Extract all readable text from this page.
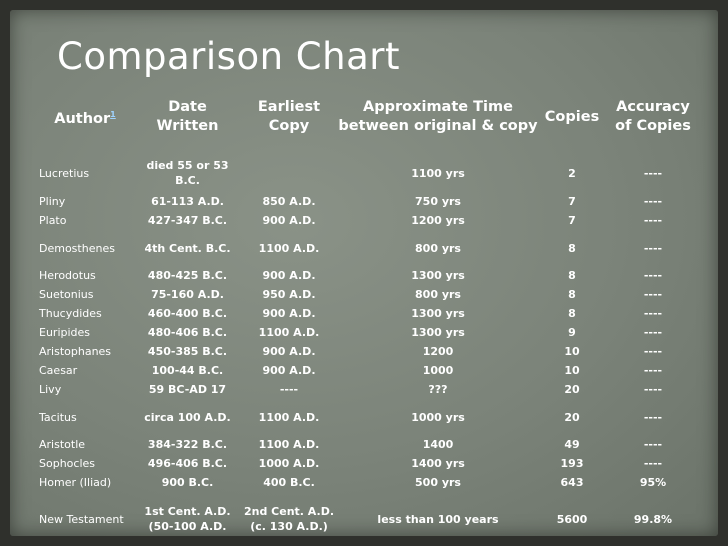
Comparison Chart
Author$^1$	Date Written	Earliest Copy	Approximate Time between original & copy	Copies	Accuracy of Copies
Lucretius	died 55 or 53 B.C.		1100 yrs	2	----
Pliny	61-113 A.D.	850 A.D.	750 yrs	7	----
Plato	427-347 B.C.	900 A.D.	1200 yrs	7	----
Demosthenes	4th Cent. B.C.	1100 A.D.	800 yrs	8	----
Herodotus	480-425 B.C.	900 A.D.	1300 yrs	8	----
Suetonius	75-160 A.D.	950 A.D.	800 yrs	8	----
Thucydides	460-400 B.C.	900 A.D.	1300 yrs	8	----
Euripides	480-406 B.C.	1100 A.D.	1300 yrs	9	----
Aristophanes	450-385 B.C.	900 A.D.	1200	10	----
Caesar	100-44 B.C.	900 A.D.	1000	10	----
Livy	59 BC-AD 17	----	???	20	----
Tacitus	circa 100 A.D.	1100 A.D.	1000 yrs	20	----
Aristotle	384-322 B.C.	1100 A.D.	1400	49	----
Sophocles	496-406 B.C.	1000 A.D.	1400 yrs	193	----
Homer (Iliad)	900 B.C.	400 B.C.	500 yrs	643	95%
New Testament	1st Cent. A.D. (50-100 A.D.	2nd Cent. A.D. (c. 130 A.D.)	less than 100 years	5600	99.8%
